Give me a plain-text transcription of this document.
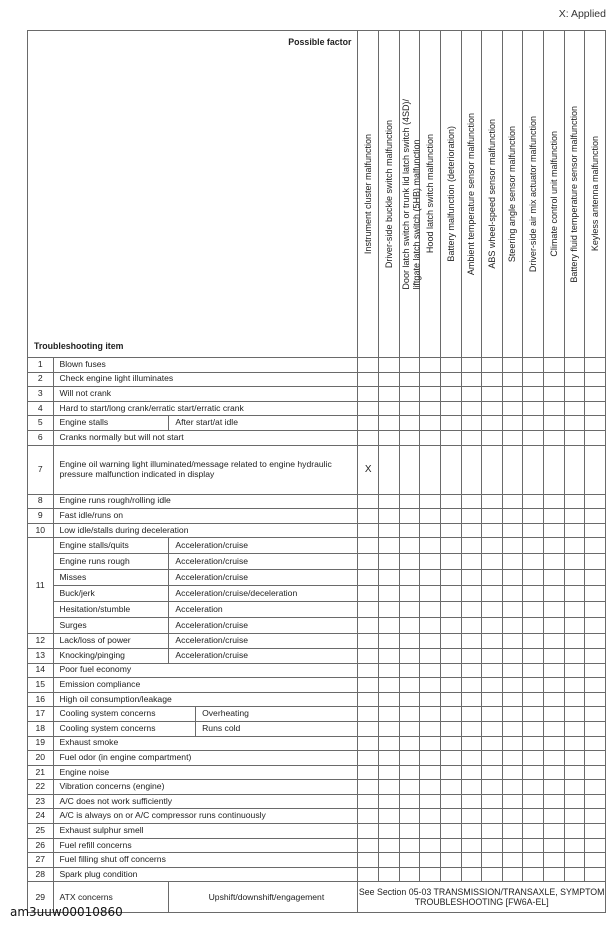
X: Applied
Possible factor
Troubleshooting item				Instrument cluster malfunction	Driver-side buckle switch malfunction	Door latch switch or trunk lid latch switch (4SD)/
liftgate latch switch (5HB) malfunction	Hood latch switch malfunction	Battery malfunction (deterioration)	Ambient temperature sensor malfunction	ABS wheel-speed sensor malfunction	Steering angle sensor malfunction	Driver-side air mix actuator malfunction	Climate control unit malfunction	Battery fluid temperature sensor malfunction	Keyless antenna malfunction

1	Blown fuses														
2	Check engine light illuminates														
3	Will not crank														
4	Hard to start/long crank/erratic start/erratic crank														
5	Engine stalls	After start/at idle													
6	Cranks normally but will not start														
7	Engine oil warning light illuminated/message related to engine hydraulic pressure malfunction indicated in display			X											
8	Engine runs rough/rolling idle														
9	Fast idle/runs on														
10	Low idle/stalls during deceleration														
11	Engine stalls/quits	Acceleration/cruise													
	Engine runs rough	Acceleration/cruise													
	Misses	Acceleration/cruise													
	Buck/jerk	Acceleration/cruise/deceleration													
	Hesitation/stumble	Acceleration													
	Surges	Acceleration/cruise													
12	Lack/loss of power	Acceleration/cruise													
13	Knocking/pinging	Acceleration/cruise													
14	Poor fuel economy														
15	Emission compliance														
16	High oil consumption/leakage														
17	Cooling system concerns		Overheating												
18	Cooling system concerns		Runs cold												
19	Exhaust smoke														
20	Fuel odor (in engine compartment)														
21	Engine noise														
22	Vibration concerns (engine)														
23	A/C does not work sufficiently														
24	A/C is always on or A/C compressor runs continuously														
25	Exhaust sulphur smell														
26	Fuel refill concerns														
27	Fuel filling shut off concerns														
28	Spark plug condition														
29	ATX concerns	Upshift/downshift/engagement		See Section 05-03 TRANSMISSION/TRANSAXLE, SYMPTOM TROUBLESHOOTING [FW6A-EL]											
am3uuw00010860
